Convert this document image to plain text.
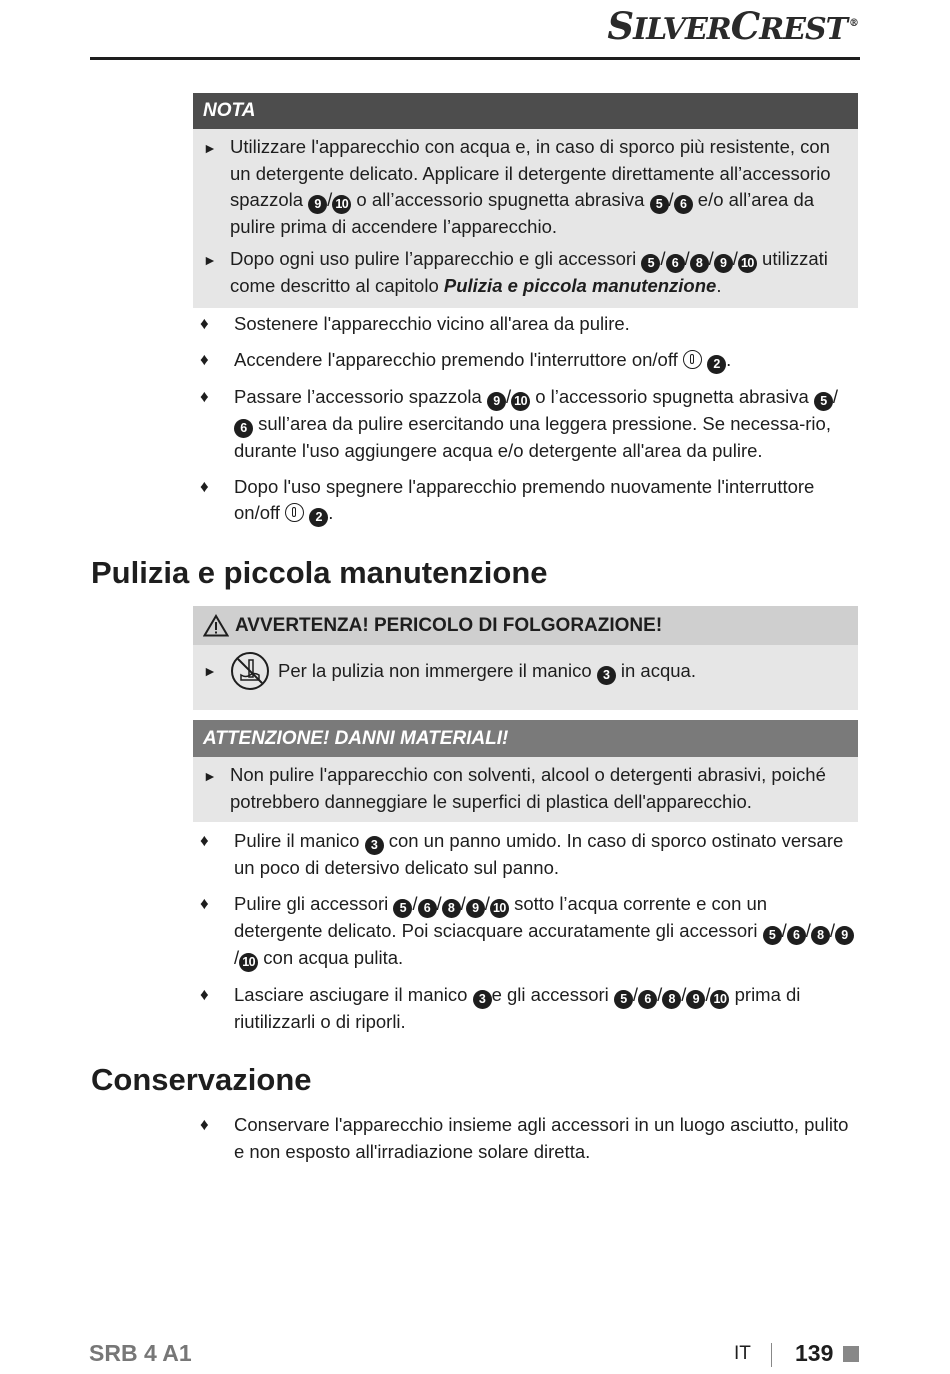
SILVERCREST ®
NOTA
► Utilizzare l'apparecchio con acqua e, in caso di sporco più resistente, con un detergente delicato. Applicare il detergente direttamente all’accessorio spazzola 9 / 10 o all’accessorio spugnetta abrasiva 5 / 6 e/o all’area da pulire prima di accendere l’apparecchio.
► Dopo ogni uso pulire l’apparecchio e gli accessori 5 / 6 / 8 / 9 / 10 utilizzati come descritto al capitolo Pulizia e piccola manutenzione.
♦	Sostenere l'apparecchio vicino all'area da pulire.
♦	Accendere l'apparecchio premendo l'interruttore on/off  2 .
♦	Passare l’accessorio spazzola 9 / 10 o l’accessorio spugnetta abrasiva 5 /6 sull’area da pulire esercitando una leggera pressione. Se necessa-rio, durante l'uso aggiungere acqua e/o detergente all'area da pulire.
♦	Dopo l'uso spegnere l'apparecchio premendo nuovamente l'interruttore on/off  2 .
Pulizia e piccola manutenzione
AVVERTENZA! PERICOLO DI FOLGORAZIONE!
►	Per la pulizia non immergere il manico 3 in acqua.
ATTENZIONE! DANNI MATERIALI!
► Non pulire l'apparecchio con solventi, alcool o detergenti abrasivi, poiché potrebbero danneggiare le superfici di plastica dell'apparecchio.
♦	Pulire il manico 3 con un panno umido. In caso di sporco ostinato versare un poco di detersivo delicato sul panno.
♦	Pulire gli accessori 5 / 6 / 8 / 9 / 10 sotto l’acqua corrente e con un detergente delicato. Poi sciacquare accuratamente gli accessori 5 / 6 / 8 / 9/ 10 con acqua pulita.
♦	Lasciare asciugare il manico 3 e gli accessori 5 / 6 / 8 / 9 / 10 prima di riutilizzarli o di riporli.
Conservazione
♦	Conservare l'apparecchio insieme agli accessori in un luogo asciutto, pulito e non esposto all'irradiazione solare diretta.
SRB 4 A1	IT 139
